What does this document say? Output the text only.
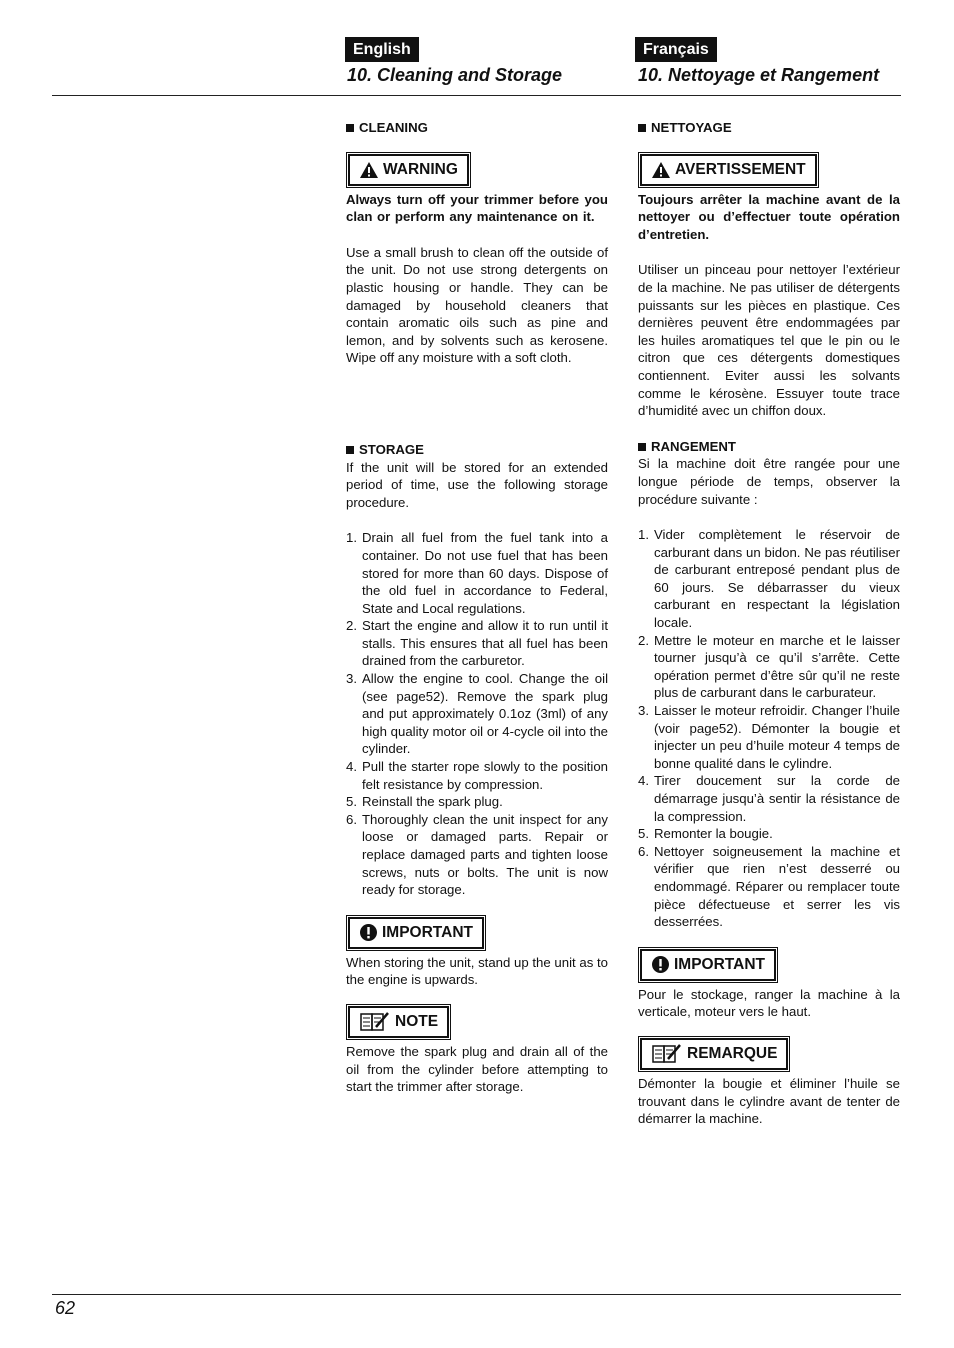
English	Français
10. Cleaning and Storage	10. Nettoyage et Rangement
CLEANING
WARNING

Always turn off your trimmer before you clan or perform any maintenance on it.

Use a small brush to clean off the outside of the unit. Do not use strong detergents on plastic housing or handle. They can be damaged by household cleaners that contain aromatic oils such as pine and lemon, and by solvents such as kerosene. Wipe off any moisture with a soft cloth.

STORAGE

If the unit will be stored for an extended period of time, use the following storage procedure.

1. Drain all fuel from the fuel tank into a container. Do not use fuel that has been stored for more than 60 days. Dispose of the old fuel in accordance to Federal, State and Local regulations.
2. Start the engine and allow it to run until it stalls. This ensures that all fuel has been drained from the carburetor.
3. Allow the engine to cool. Change the oil (see page52). Remove the spark plug and put approximately 0.1oz (3ml) of any high quality motor oil or 4-cycle oil into the cylinder.
4. Pull the starter rope slowly to the position felt resistance by compression.
5. Reinstall the spark plug.
6. Thoroughly clean the unit inspect for any loose or damaged parts. Repair or replace damaged parts and tighten loose screws, nuts or bolts. The unit is now ready for storage.
IMPORTANT

When storing the unit, stand up the unit as to the engine is upwards.

NOTE

Remove the spark plug and drain all of the oil from the cylinder before attempting to start the trimmer after storage.

NETTOYAGE
AVERTISSEMENT

Toujours arrêter la machine avant de la nettoyer ou d’effectuer toute opération d’entretien.

Utiliser un pinceau pour nettoyer l’extérieur de la machine. Ne pas utiliser de détergents puissants sur les pièces en plastique. Ces dernières peuvent être endommagées par les huiles aromatiques tel que le pin ou le citron que ces détergents domestiques contiennent. Eviter aussi les solvants comme le kérosène. Essuyer toute trace d’humidité avec un chiffon doux.

RANGEMENT

Si la machine doit être rangée pour une longue période de temps, observer la procédure suivante :

1. Vider complètement le réservoir de carburant dans un bidon. Ne pas réutiliser de carburant entreposé pendant plus de 60 jours. Se débarrasser du vieux carburant en respectant la législation locale.
2. Mettre le moteur en marche et le laisser tourner jusqu’à ce qu’il s’arrête. Cette opération permet d’être sûr qu’il ne reste plus de carburant dans le carburateur.
3. Laisser le moteur refroidir. Changer l’huile (voir page52). Démonter la bougie et injecter un peu d’huile moteur 4 temps de bonne qualité dans le cylindre.
4. Tirer doucement sur la corde de démarrage jusqu’à sentir la résistance de la compression.
5. Remonter la bougie.
6. Nettoyer soigneusement la machine et vérifier que rien n’est desserré ou endommagé. Réparer ou remplacer toute pièce défectueuse et serrer les vis desserrées.
IMPORTANT

Pour le stockage, ranger la machine à la verticale, moteur vers le haut.

REMARQUE

Démonter la bougie et éliminer l’huile se trouvant dans le cylindre avant de tenter de démarrer la machine.

62
